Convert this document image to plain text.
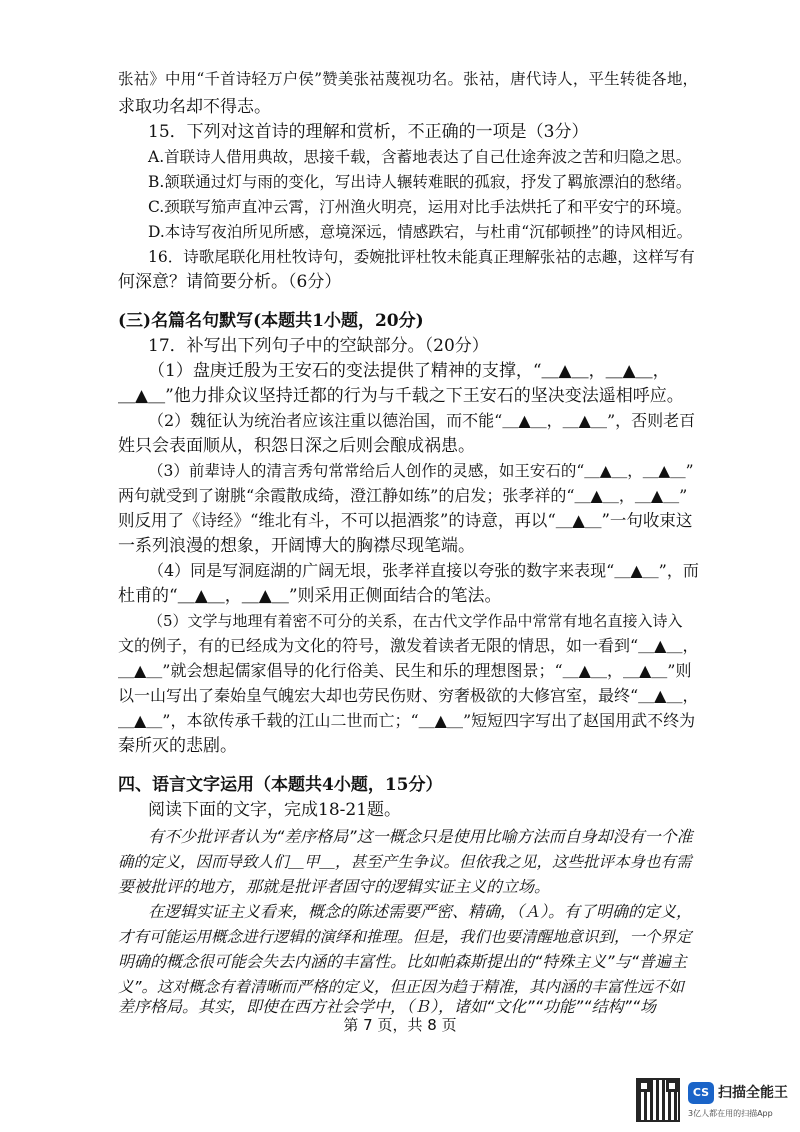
张祜》中用“千首诗轻万户侯”赞美张祜蔑视功名。张祜，唐代诗人，平生转徙各地，
求取功名却不得志。
15．下列对这首诗的理解和赏析，不正确的一项是（3分）
A.首联诗人借用典故，思接千载，含蓄地表达了自己仕途奔波之苦和归隐之思。
B.颔联通过灯与雨的变化，写出诗人辗转难眠的孤寂，抒发了羁旅漂泊的愁绪。
C.颈联写笳声直冲云霄，汀州渔火明亮，运用对比手法烘托了和平安宁的环境。
D.本诗写夜泊所见所感，意境深远，情感跌宕，与杜甫“沉郁顿挫”的诗风相近。
16．诗歌尾联化用杜牧诗句，委婉批评杜牧未能真正理解张祜的志趣，这样写有
何深意？请简要分析。（6分）
(三)名篇名句默写(本题共1小题，20分)
17．补写出下列句子中的空缺部分。（20分）
（1）盘庚迁殷为王安石的变法提供了精神的支撑，“＿▲＿，＿▲＿，
＿▲＿”他力排众议坚持迁都的行为与千载之下王安石的坚决变法遥相呼应。
（2）魏征认为统治者应该注重以德治国，而不能“＿▲＿，＿▲＿”，否则老百
姓只会表面顺从，积怨日深之后则会酿成祸患。
（3）前辈诗人的清言秀句常常给后人创作的灵感，如王安石的“＿▲＿，＿▲＿”
两句就受到了谢朓“余霞散成绮，澄江静如练”的启发；张孝祥的“＿▲＿，＿▲＿”
则反用了《诗经》“维北有斗，不可以挹酒浆”的诗意，再以“＿▲＿”一句收束这
一系列浪漫的想象，开阔博大的胸襟尽现笔端。
（4）同是写洞庭湖的广阔无垠，张孝祥直接以夸张的数字来表现“＿▲＿”，而
杜甫的“＿▲＿，＿▲＿”则采用正侧面结合的笔法。
（5）文学与地理有着密不可分的关系，在古代文学作品中常常有地名直接入诗入
文的例子，有的已经成为文化的符号，激发着读者无限的情思，如一看到“＿▲＿，
＿▲＿”就会想起儒家倡导的化行俗美、民生和乐的理想图景；“＿▲＿，＿▲＿”则
以一山写出了秦始皇气魄宏大却也劳民伤财、穷奢极欲的大修宫室，最终“＿▲＿，
＿▲＿”，本欲传承千载的江山二世而亡；“＿▲＿”短短四字写出了赵国用武不终为
秦所灭的悲剧。
四、语言文字运用（本题共4小题，15分）
阅读下面的文字，完成18-21题。
有不少批评者认为“差序格局”这一概念只是使用比喻方法而自身却没有一个准
确的定义，因而导致人们＿甲＿，甚至产生争议。但依我之见，这些批评本身也有需
要被批评的地方，那就是批评者固守的逻辑实证主义的立场。
在逻辑实证主义看来，概念的陈述需要严密、精确，（Ａ）。有了明确的定义，
才有可能运用概念进行逻辑的演绎和推理。但是，我们也要清醒地意识到，一个界定
明确的概念很可能会失去内涵的丰富性。比如帕森斯提出的“特殊主义”与“普遍主
义”。这对概念有着清晰而严格的定义，但正因为趋于精准，其内涵的丰富性远不如
差序格局。其实，即使在西方社会学中，（Ｂ），诸如“文化”“功能”“结构”“场
第 7 页，共 8 页
CS 扫描全能王
3亿人都在用的扫描App
